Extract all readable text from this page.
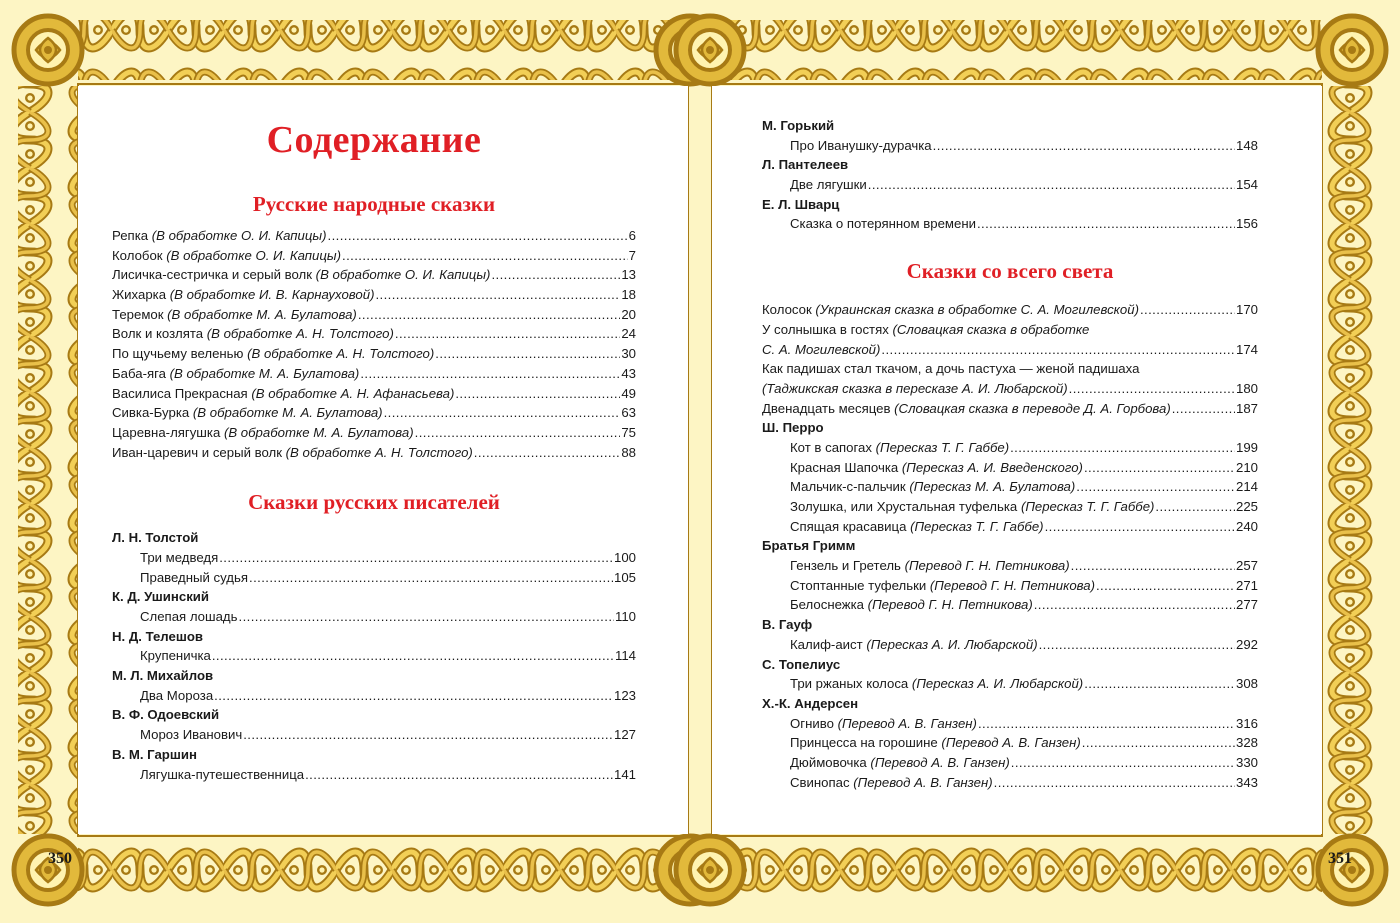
Содержание
Русские народные сказки
Репка (В обработке О. И. Капицы) .....	6
Колобок (В обработке О. И. Капицы) .....	7
Лисичка-сестричка и серый волк (В обработке О. И. Капицы) .....	13
Жихарка (В обработке И. В. Карнауховой) .....	18
Теремок (В обработке М. А. Булатова) .....	20
Волк и козлята (В обработке А. Н. Толстого) .....	24
По щучьему веленью (В обработке А. Н. Толстого) .....	30
Баба-яга (В обработке М. А. Булатова) .....	43
Василиса Прекрасная (В обработке А. Н. Афанасьева) .....	49
Сивка-Бурка (В обработке М. А. Булатова) .....	63
Царевна-лягушка (В обработке М. А. Булатова) .....	75
Иван-царевич и серый волк (В обработке А. Н. Толстого) .....	88
Сказки русских писателей
Л. Н. Толстой
Три медведя .....	100
Праведный судья .....	105
К. Д. Ушинский
Слепая лошадь .....	110
Н. Д. Телешов
Крупеничка .....	114
М. Л. Михайлов
Два Мороза .....	123
В. Ф. Одоевский
Мороз Иванович .....	127
В. М. Гаршин
Лягушка-путешественница .....	141
М. Горький
Про Иванушку-дурачка .....	148
Л. Пантелеев
Две лягушки .....	154
Е. Л. Шварц
Сказка о потерянном времени .....	156
Сказки со всего света
Колосок (Украинская сказка в обработке С. А. Могилевской) .....	170
У солнышка в гостях (Словацкая сказка в обработке
С. А. Могилевской) .....	174
Как падишах стал ткачом, а дочь пастуха — женой падишаха
(Таджикская сказка в пересказе А. И. Любарской) .....	180
Двенадцать месяцев (Словацкая сказка в переводе Д. А. Горбова) .....	187
Ш. Перро
Кот в сапогах (Пересказ Т. Г. Габбе) .....	199
Красная Шапочка (Пересказ А. И. Введенского) .....	210
Мальчик-с-пальчик (Пересказ М. А. Булатова) .....	214
Золушка, или Хрустальная туфелька (Пересказ Т. Г. Габбе) .....	225
Спящая красавица (Пересказ Т. Г. Габбе) .....	240
Братья Гримм
Гензель и Гретель (Перевод Г. Н. Петникова) .....	257
Стоптанные туфельки (Перевод Г. Н. Петникова) .....	271
Белоснежка (Перевод Г. Н. Петникова) .....	277
В. Гауф
Калиф-аист (Пересказ А. И. Любарской) .....	292
С. Топелиус
Три ржаных колоса (Пересказ А. И. Любарской) .....	308
Х.-К. Андерсен
Огниво (Перевод А. В. Ганзен) .....	316
Принцесса на горошине (Перевод А. В. Ганзен) .....	328
Дюймовочка (Перевод А. В. Ганзен) .....	330
Свинопас (Перевод А. В. Ганзен) .....	343
350	351
